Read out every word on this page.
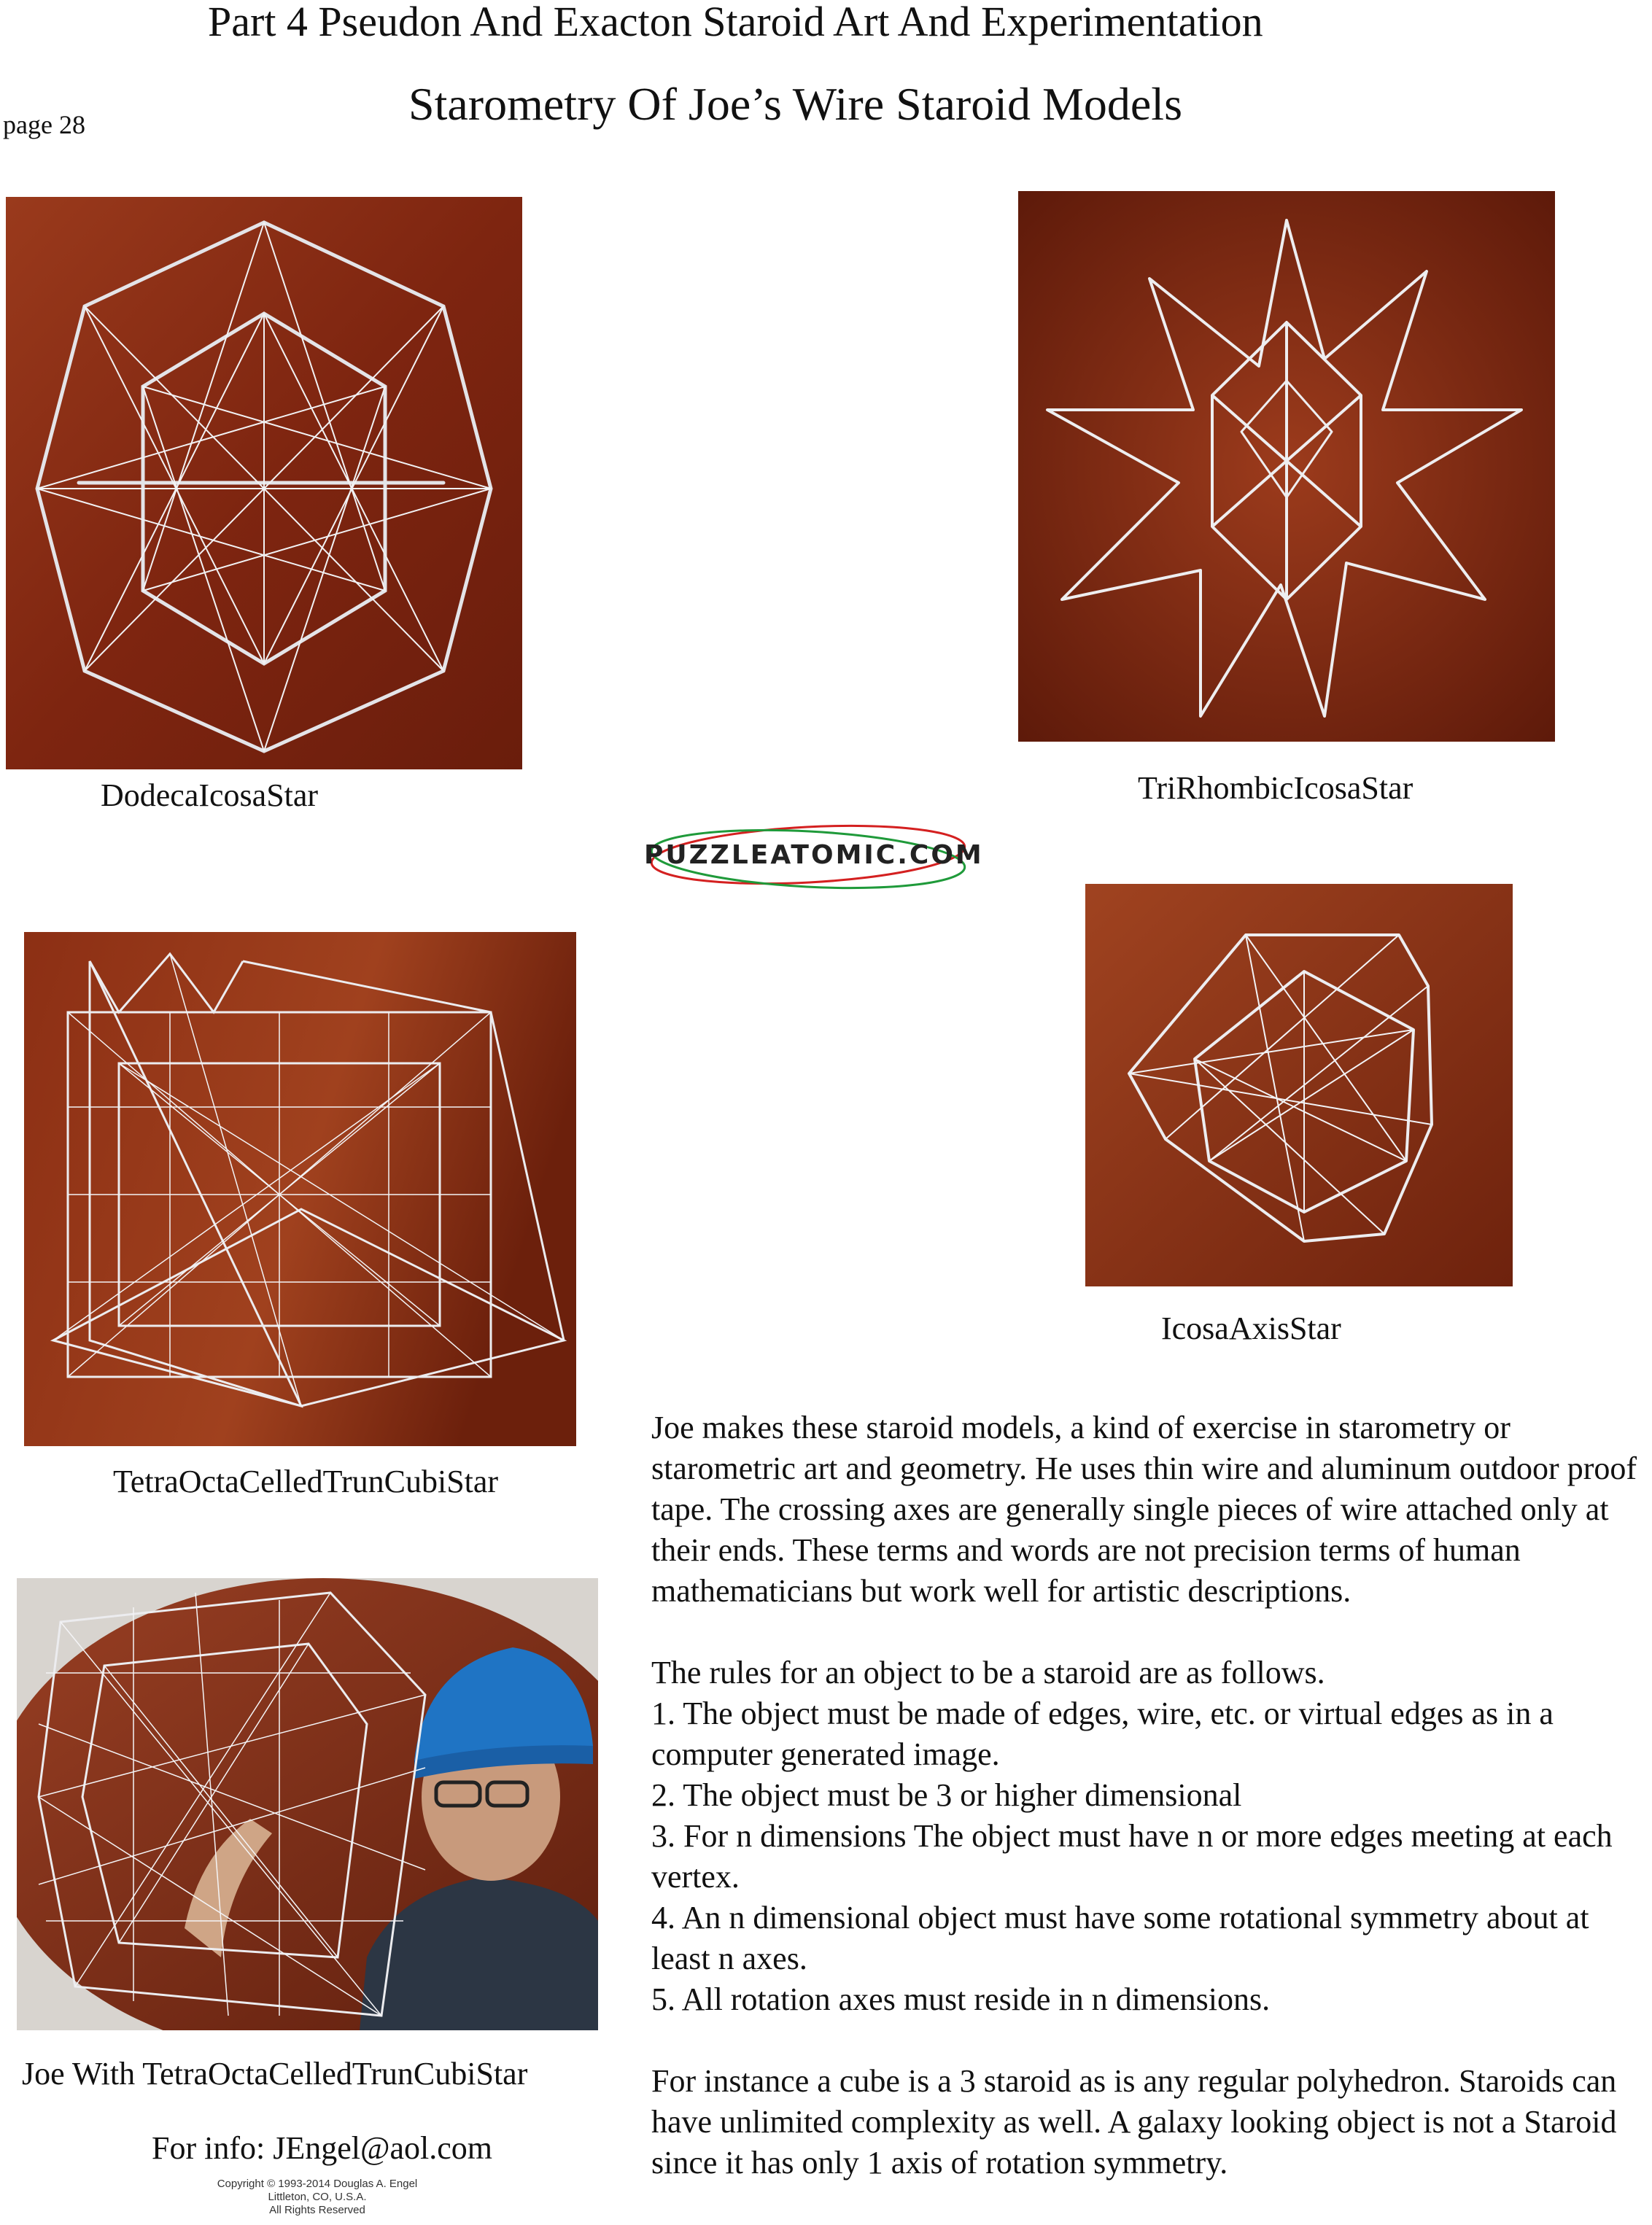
Part 4 Pseudon And Exacton Staroid Art And Experimentation
Starometry Of Joe’s Wire Staroid Models
page 28
DodecaIcosaStar	TriRhombicIcosaStar
PUZZLEATOMIC.COM
TetraOctaCelledTrunCubiStar
IcosaAxisStar
Joe With TetraOctaCelledTrunCubiStar

Joe makes these staroid models, a kind of exercise in starometry or starometric art and geometry. He uses thin wire and aluminum outdoor proof tape. The crossing axes are generally single pieces of wire attached only at their ends. These terms and words are not precision terms of human mathematicians but work well for artistic descriptions.

The rules for an object to be a staroid are as follows.

1. The object must be made of edges, wire, etc. or virtual edges as in a computer generated image.

2. The object must be 3 or higher dimensional

3. For n dimensions The object must have n or more edges meeting at each vertex.

4. An n dimensional object must have some rotational symmetry about at least n axes.

5. All rotation axes must reside in n dimensions.

For instance a cube is a 3 staroid as is any regular polyhedron. Staroids can have unlimited complexity as well. A galaxy looking object is not a Staroid since it has only 1 axis of rotation symmetry.

For info: JEngel@aol.com
Copyright © 1993-2014 Douglas A. Engel
Littleton, CO, U.S.A.
All Rights Reserved
